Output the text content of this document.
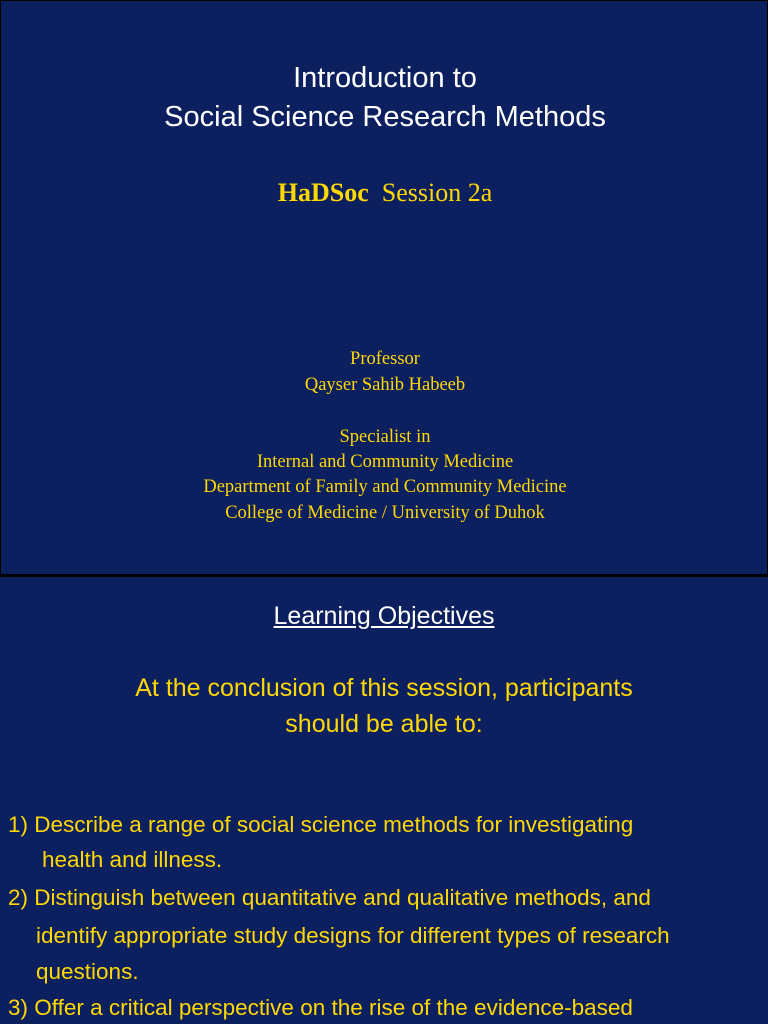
Introduction to
Social Science Research Methods
HaDSoc Session 2a
Professor
Qayser Sahib Habeeb
Specialist in
Internal and Community Medicine
Department of Family and Community Medicine
College of Medicine / University of Duhok
Learning Objectives
At the conclusion of this session, participants
should be able to:
1) Describe a range of social science methods for investigating
health and illness.
2) Distinguish between quantitative and qualitative methods, and
identify appropriate study designs for different types of research
questions.
3) Offer a critical perspective on the rise of the evidence-based
